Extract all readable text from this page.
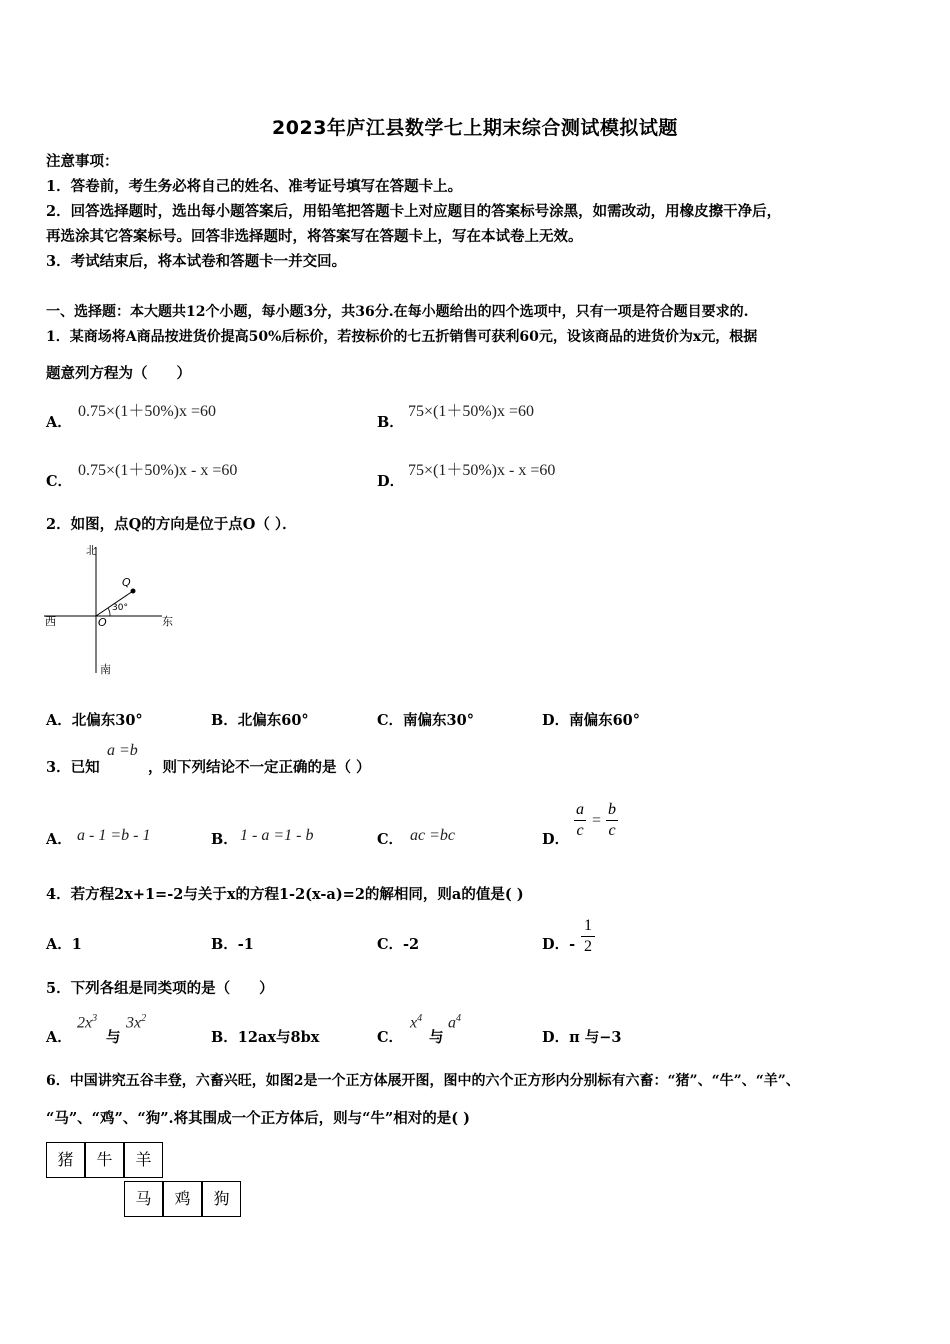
2023年庐江县数学七上期末综合测试模拟试题
注意事项：
1．答卷前，考生务必将自己的姓名、准考证号填写在答题卡上。
2．回答选择题时，选出每小题答案后，用铅笔把答题卡上对应题目的答案标号涂黑，如需改动，用橡皮擦干净后，
再选涂其它答案标号。回答非选择题时，将答案写在答题卡上，写在本试卷上无效。
3．考试结束后，将本试卷和答题卡一并交回。
一、选择题：本大题共12个小题，每小题3分，共36分.在每小题给出的四个选项中，只有一项是符合题目要求的.
1．某商场将A商品按进货价提高50%后标价，若按标价的七五折销售可获利60元，设该商品的进货价为x元，根据
题意列方程为（　　）
A．
0.75×(1＋50%)x =60
B．
75×(1＋50%)x =60
C．
0.75×(1＋50%)x - x =60
D．
75×(1＋50%)x - x =60
2．如图，点Q的方向是位于点O（ ）．
北
南
东
西	O
Q
30°
A．北偏东30°	B．北偏东60°	C．南偏东30°	D．南偏东60°
3．已知
a =b
，则下列结论不一定正确的是（ ）
A． a - 1 =b - 1	B． 1 - a =1 - b	C． ac =bc	D．
a
c
=
b
c
4．若方程2x+1=-2与关于x的方程1-2(x-a)=2的解相同，则a的值是( )
A．1	B．-1	C．-2	D．-
1
2
5．下列各组是同类项的是（　　）
A．
$2x^3$
与
$3x^2$
B．12ax与8bx	C．
$x^4$
与
$a^4$
D．π 与−3
6．中国讲究五谷丰登，六畜兴旺，如图2是一个正方体展开图，图中的六个正方形内分别标有六畜：“猪”、“牛”、“羊”、
“马”、“鸡”、“狗”.将其围成一个正方体后，则与“牛”相对的是( )
猪	牛	羊
马	鸡	狗
